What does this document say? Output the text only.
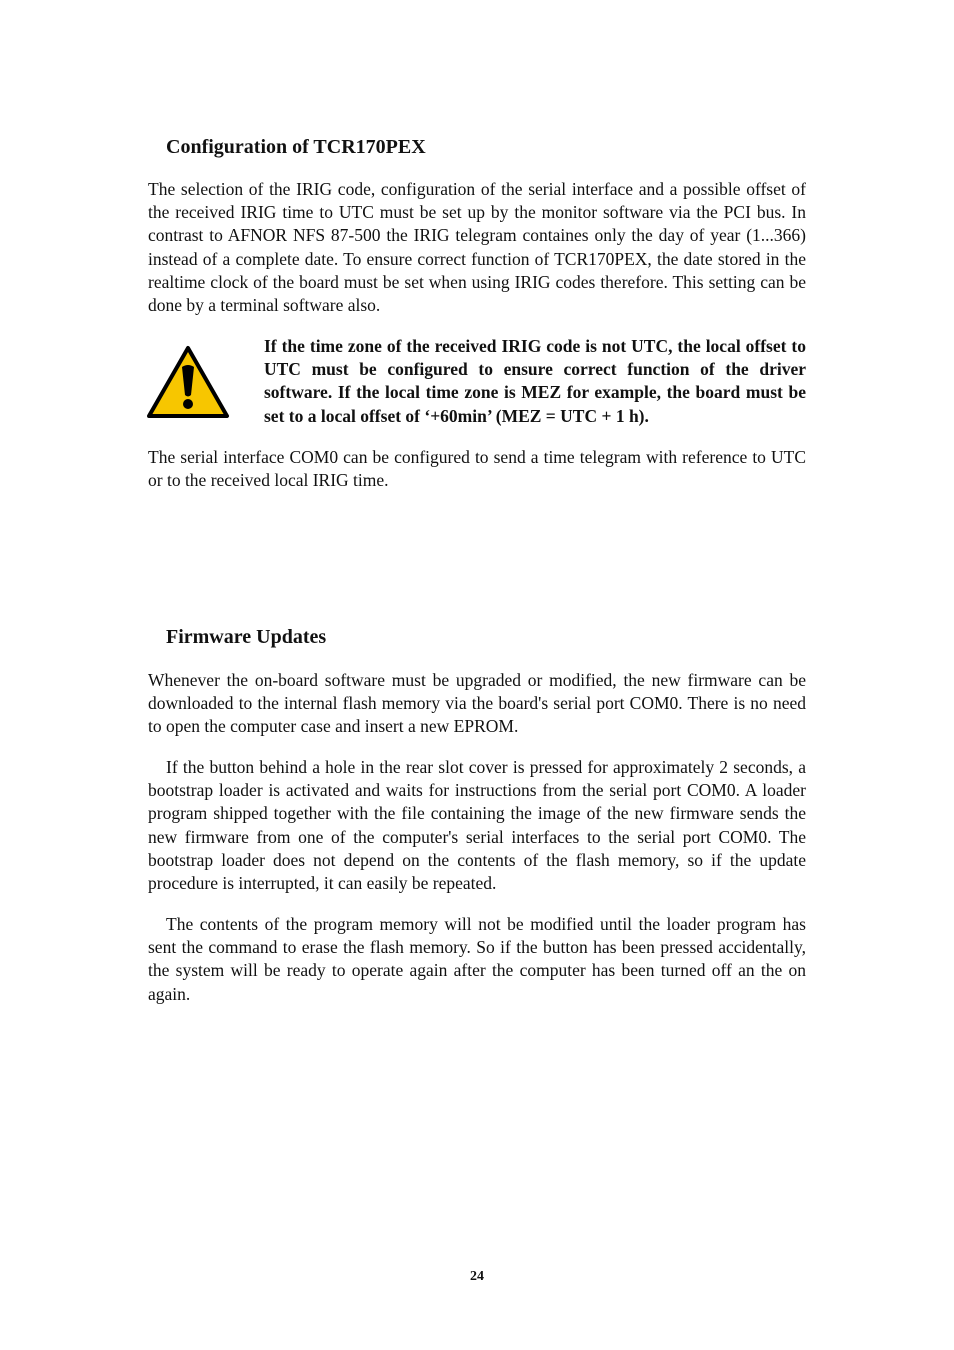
Configuration of TCR170PEX

The selection of the IRIG code, configuration of the serial interface and a possible offset of the received IRIG time to UTC must be set up by the monitor software via the PCI bus. In contrast to AFNOR NFS 87-500 the IRIG telegram containes only the day of year (1...366) instead of a complete date. To ensure correct function of TCR170PEX, the date stored in the realtime clock of the board must be set when using IRIG codes therefore. This setting can be done by a terminal software also.

If the time zone of the received IRIG code is not UTC, the local offset to UTC must be configured to ensure correct function of the driver software. If the local time zone is MEZ for example, the board must be set to a local offset of ‘+60min’ (MEZ = UTC + 1 h).

The serial interface COM0 can be configured to send a time telegram with reference to UTC or to the received local IRIG time.

Firmware Updates

Whenever the on-board software must be upgraded or modified, the new firmware can be downloaded to the internal flash memory via the board's serial port COM0. There is no need to open the computer case and insert a new EPROM.

If the button behind a hole in the rear slot cover is pressed for approximately 2 seconds, a bootstrap loader is activated and waits for instructions from the serial port COM0. A loader program shipped together with the file containing the image of the new firmware sends the new firmware from one of the computer's serial interfaces to the serial port COM0. The bootstrap loader does not depend on the contents of the flash memory, so if the update procedure is interrupted, it can easily be repeated.

The contents of the program memory will not be modified until the loader program has sent the command to erase the flash memory. So if the button has been pressed accidentally, the system will be ready to operate again after the computer has been turned off an the on again.

24
